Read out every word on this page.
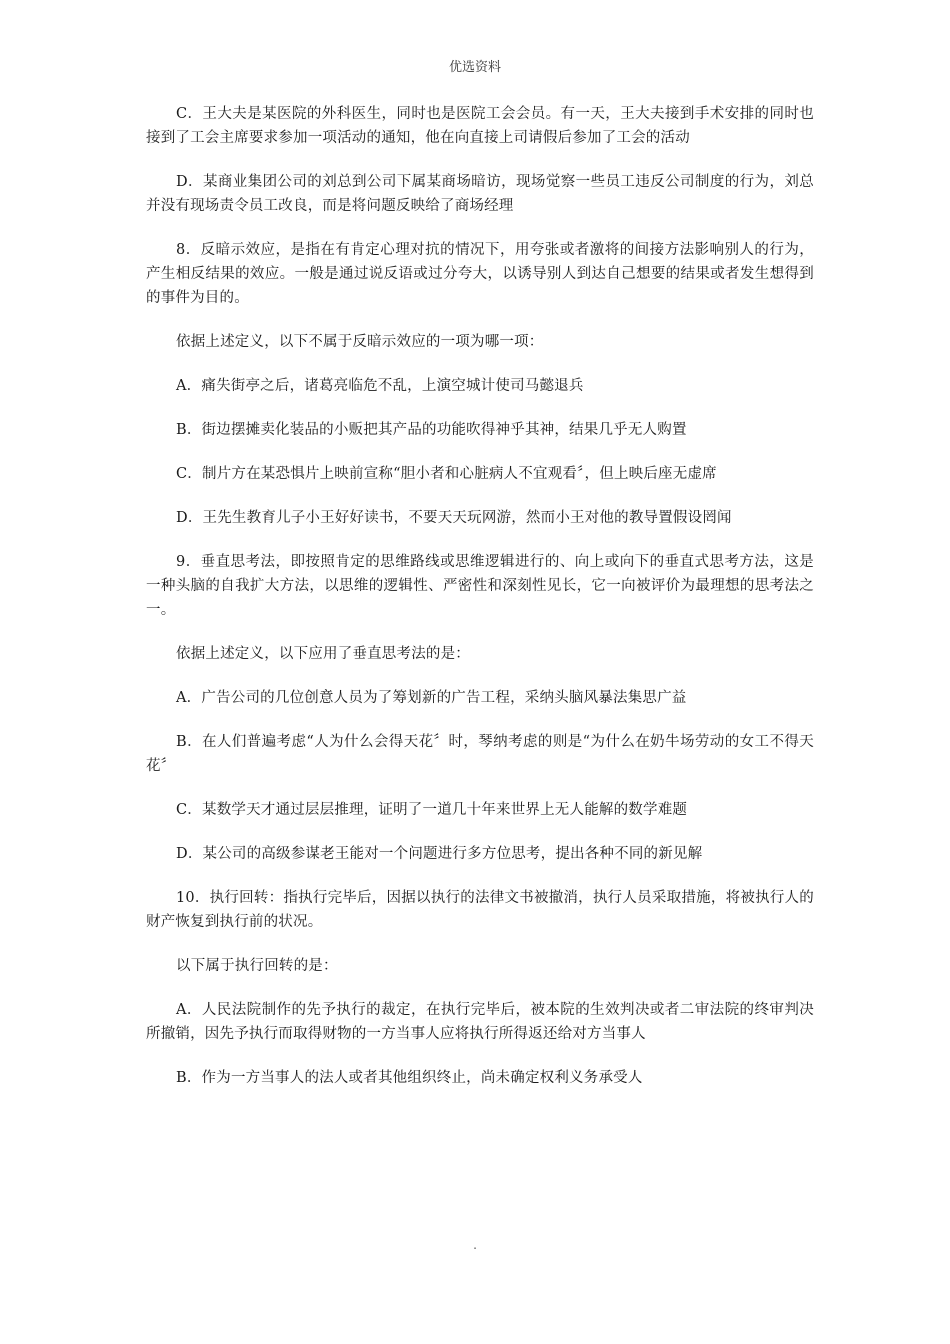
优选资料

C．王大夫是某医院的外科医生，同时也是医院工会会员。有一天，王大夫接到手术安排的同时也接到了工会主席要求参加一项活动的通知，他在向直接上司请假后参加了工会的活动

D．某商业集团公司的刘总到公司下属某商场暗访，现场觉察一些员工违反公司制度的行为，刘总并没有现场责令员工改良，而是将问题反映给了商场经理

8．反暗示效应，是指在有肯定心理对抗的情况下，用夸张或者激将的间接方法影响别人的行为，产生相反结果的效应。一般是通过说反语或过分夸大，以诱导别人到达自己想要的结果或者发生想得到的事件为目的。

依据上述定义，以下不属于反暗示效应的一项为哪一项：

A．痛失街亭之后，诸葛亮临危不乱，上演空城计使司马懿退兵

B．街边摆摊卖化装品的小贩把其产品的功能吹得神乎其神，结果几乎无人购置

C．制片方在某恐惧片上映前宣称“胆小者和心脏病人不宜观看〞，但上映后座无虚席

D．王先生教育儿子小王好好读书，不要天天玩网游，然而小王对他的教导置假设罔闻

9．垂直思考法，即按照肯定的思维路线或思维逻辑进行的、向上或向下的垂直式思考方法，这是一种头脑的自我扩大方法，以思维的逻辑性、严密性和深刻性见长，它一向被评价为最理想的思考法之一。

依据上述定义，以下应用了垂直思考法的是：

A．广告公司的几位创意人员为了筹划新的广告工程，采纳头脑风暴法集思广益

B．在人们普遍考虑“人为什么会得天花〞时，琴纳考虑的则是“为什么在奶牛场劳动的女工不得天花〞

C．某数学天才通过层层推理，证明了一道几十年来世界上无人能解的数学难题

D．某公司的高级参谋老王能对一个问题进行多方位思考，提出各种不同的新见解

10．执行回转：指执行完毕后，因据以执行的法律文书被撤消，执行人员采取措施，将被执行人的财产恢复到执行前的状况。

以下属于执行回转的是：

A．人民法院制作的先予执行的裁定，在执行完毕后，被本院的生效判决或者二审法院的终审判决所撤销，因先予执行而取得财物的一方当事人应将执行所得返还给对方当事人

B．作为一方当事人的法人或者其他组织终止，尚未确定权利义务承受人

.
